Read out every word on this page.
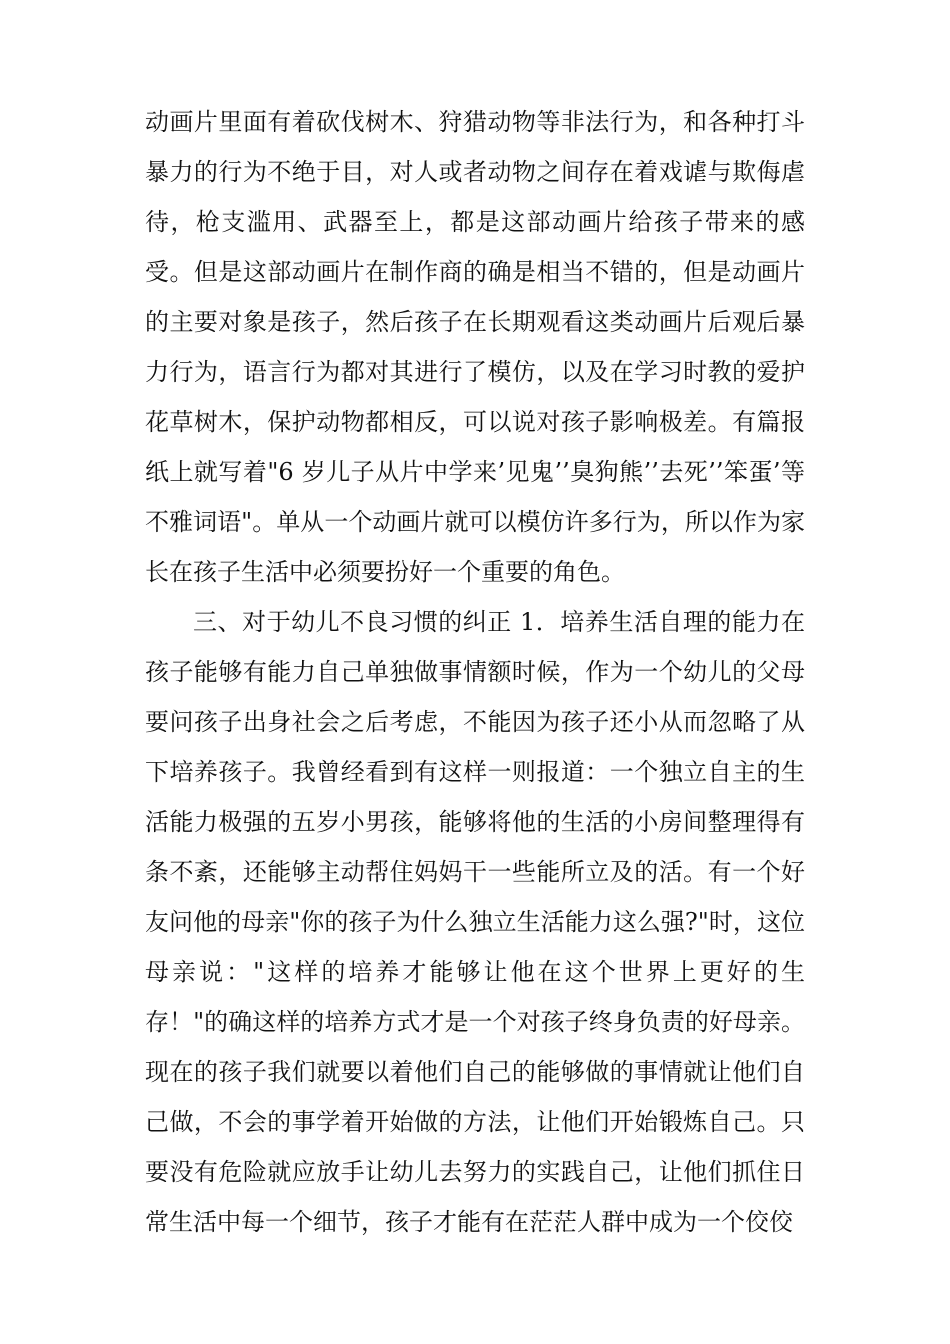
动画片里面有着砍伐树木、狩猎动物等非法行为，和各种打斗暴力的行为不绝于目，对人或者动物之间存在着戏谑与欺侮虐待，枪支滥用、武器至上，都是这部动画片给孩子带来的感受。但是这部动画片在制作商的确是相当不错的，但是动画片的主要对象是孩子，然后孩子在长期观看这类动画片后观后暴力行为，语言行为都对其进行了模仿，以及在学习时教的爱护花草树木，保护动物都相反，可以说对孩子影响极差。有篇报纸上就写着"6 岁儿子从片中学来’见鬼’’臭狗熊’’去死’’笨蛋’等不雅词语"。单从一个动画片就可以模仿许多行为，所以作为家长在孩子生活中必须要扮好一个重要的角色。

三、对于幼儿不良习惯的纠正 1．培养生活自理的能力在孩子能够有能力自己单独做事情额时候，作为一个幼儿的父母要问孩子出身社会之后考虑，不能因为孩子还小从而忽略了从下培养孩子。我曾经看到有这样一则报道：一个独立自主的生活能力极强的五岁小男孩，能够将他的生活的小房间整理得有条不紊，还能够主动帮住妈妈干一些能所立及的活。有一个好友问他的母亲"你的孩子为什么独立生活能力这么强?"时，这位母亲说："这样的培养才能够让他在这个世界上更好的生存！"的确这样的培养方式才是一个对孩子终身负责的好母亲。现在的孩子我们就要以着他们自己的能够做的事情就让他们自己做，不会的事学着开始做的方法，让他们开始锻炼自己。只要没有危险就应放手让幼儿去努力的实践自己，让他们抓住日常生活中每一个细节，孩子才能有在茫茫人群中成为一个佼佼
